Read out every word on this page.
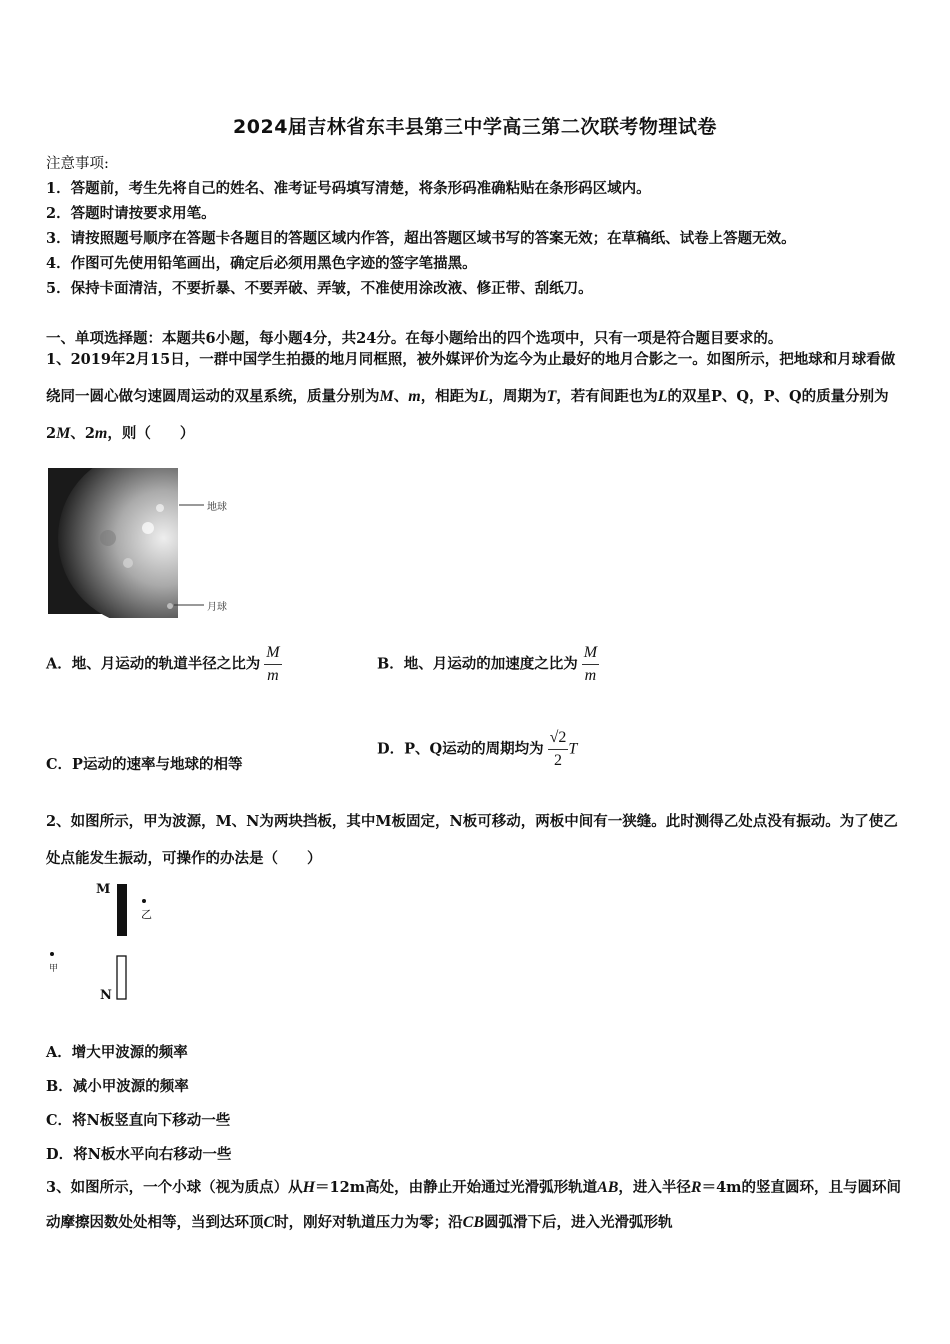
2024届吉林省东丰县第三中学高三第二次联考物理试卷
注意事项:
1．答题前，考生先将自己的姓名、准考证号码填写清楚，将条形码准确粘贴在条形码区域内。
2．答题时请按要求用笔。
3．请按照题号顺序在答题卡各题目的答题区域内作答，超出答题区域书写的答案无效；在草稿纸、试卷上答题无效。
4．作图可先使用铅笔画出，确定后必须用黑色字迹的签字笔描黑。
5．保持卡面清洁，不要折暴、不要弄破、弄皱，不准使用涂改液、修正带、刮纸刀。
一、单项选择题：本题共6小题，每小题4分，共24分。在每小题给出的四个选项中，只有一项是符合题目要求的。
1、2019年2月15日，一群中国学生拍摄的地月同框照，被外媒评价为迄今为止最好的地月合影之一。如图所示，把地球和月球看做绕同一圆心做匀速圆周运动的双星系统，质量分别为M、m，相距为L，周期为T，若有间距也为L的双星P、Q，P、Q的质量分别为2M、2m，则（　　）
地球
月球
A．地、月运动的轨道半径之比为 $\frac{M}{m}$	B．地、月运动的加速度之比为 $\frac{M}{m}$
C．P运动的速率与地球的相等
D．P、Q运动的周期均为 $\frac{√2}{2}$ T
2、如图所示，甲为波源，M、N为两块挡板，其中M板固定，N板可移动，两板中间有一狭缝。此时测得乙处点没有振动。为了使乙处点能发生振动，可操作的办法是（　　）
M
N
乙
甲
A．增大甲波源的频率
B．减小甲波源的频率
C．将N板竖直向下移动一些
D．将N板水平向右移动一些
3、如图所示，一个小球（视为质点）从H＝12m高处，由静止开始通过光滑弧形轨道AB，进入半径R＝4m的竖直圆环，且与圆环间动摩擦因数处处相等，当到达环顶C时，刚好对轨道压力为零；沿CB圆弧滑下后，进入光滑弧形轨
